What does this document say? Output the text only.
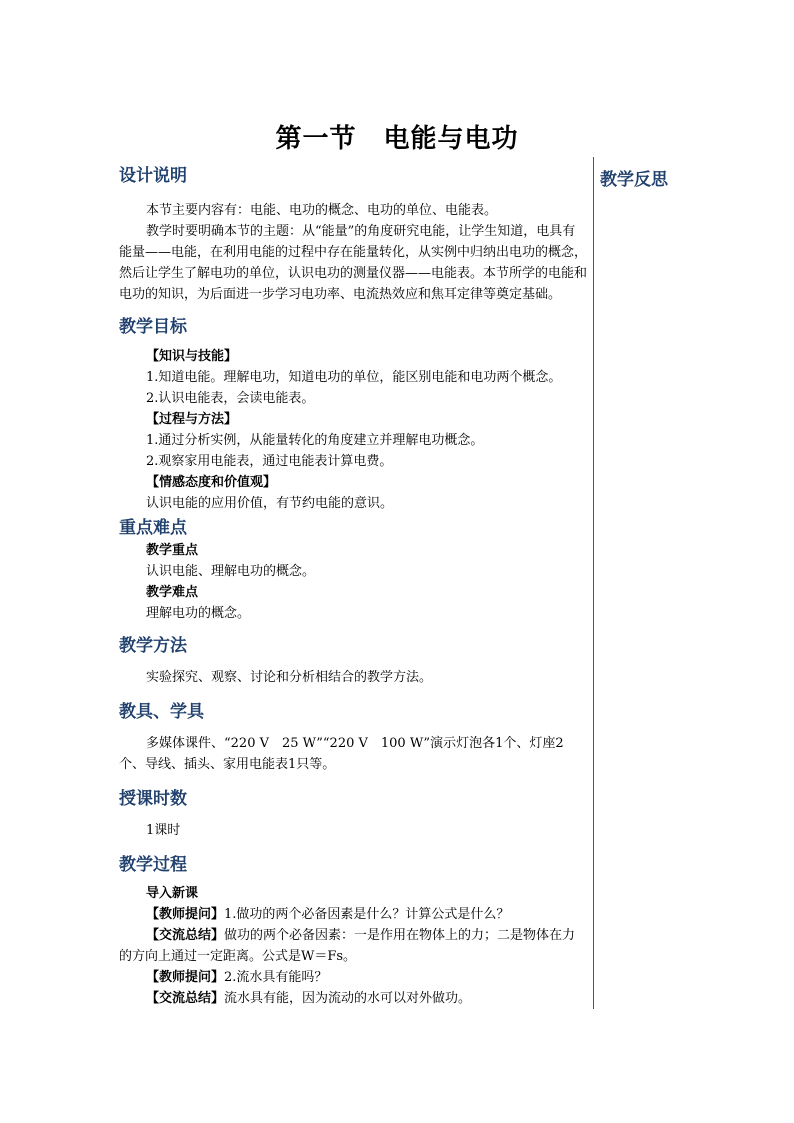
第一节　电能与电功
教学反思
设计说明

本节主要内容有：电能、电功的概念、电功的单位、电能表。

教学时要明确本节的主题：从“能量”的角度研究电能，让学生知道，电具有能量——电能，在利用电能的过程中存在能量转化，从实例中归纳出电功的概念，然后让学生了解电功的单位，认识电功的测量仪器——电能表。本节所学的电能和电功的知识，为后面进一步学习电功率、电流热效应和焦耳定律等奠定基础。

教学目标

【知识与技能】

1.知道电能。理解电功，知道电功的单位，能区别电能和电功两个概念。

2.认识电能表，会读电能表。

【过程与方法】

1.通过分析实例，从能量转化的角度建立并理解电功概念。

2.观察家用电能表，通过电能表计算电费。

【情感态度和价值观】

认识电能的应用价值，有节约电能的意识。

重点难点

教学重点

认识电能、理解电功的概念。

教学难点

理解电功的概念。

教学方法

实验探究、观察、讨论和分析相结合的教学方法。

教具、学具

多媒体课件、“220 V　25 W”“220 V　100 W”演示灯泡各1个、灯座2个、导线、插头、家用电能表1只等。

授课时数

1课时

教学过程

导入新课

【教师提问】1.做功的两个必备因素是什么？计算公式是什么？

【交流总结】做功的两个必备因素：一是作用在物体上的力；二是物体在力的方向上通过一定距离。公式是W＝Fs。

【教师提问】2.流水具有能吗？

【交流总结】流水具有能，因为流动的水可以对外做功。
